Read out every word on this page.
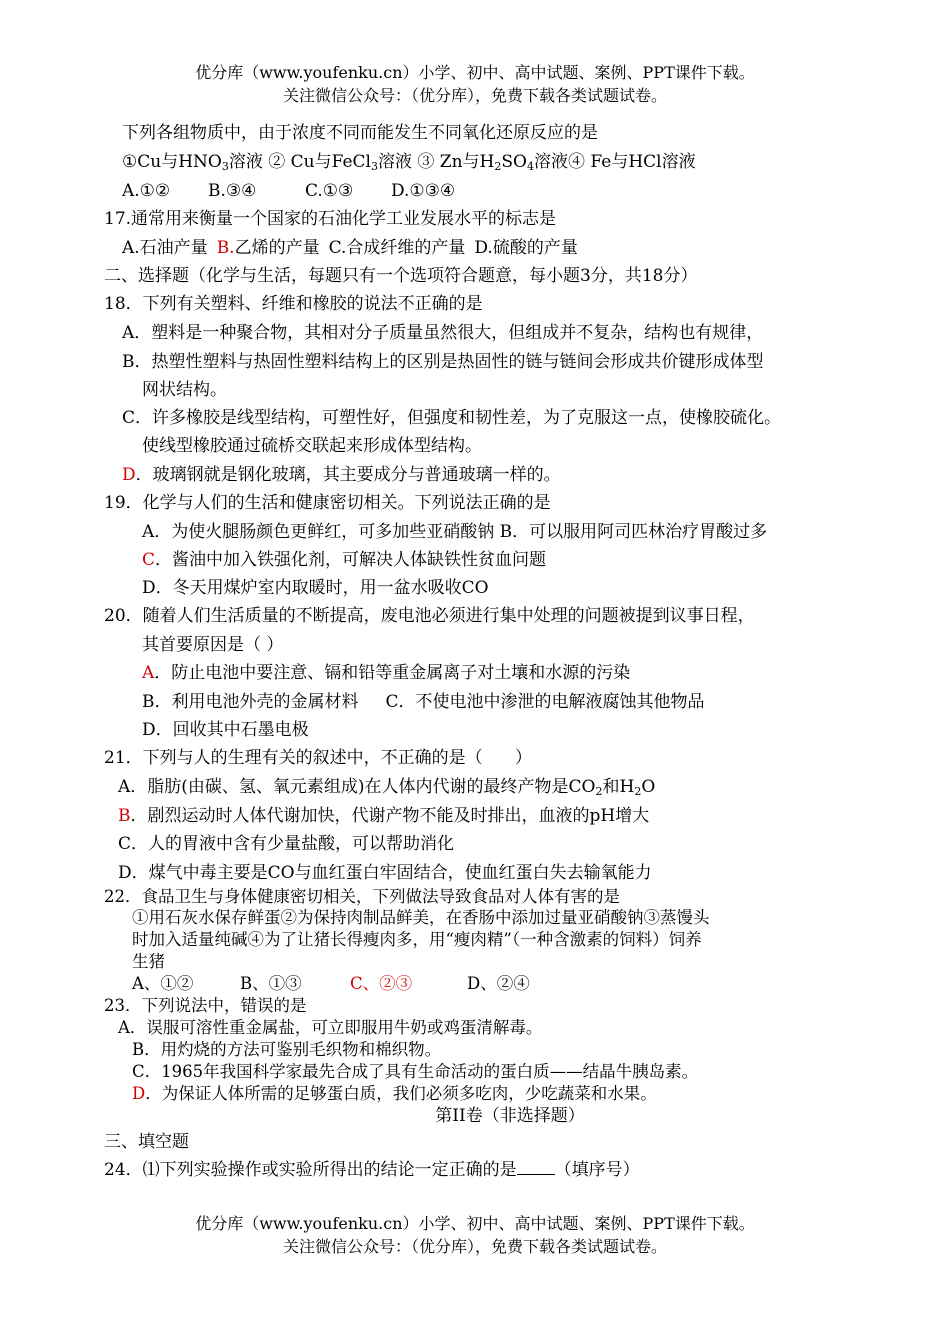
优分库（www.youfenku.cn）小学、初中、高中试题、案例、PPT课件下载。
关注微信公众号：（优分库），免费下载各类试题试卷。
下列各组物质中，由于浓度不同而能发生不同氧化还原反应的是
①Cu与$HNO_3$溶液 ② Cu与FeCl$_3$溶液 ③ Zn与$H_2SO_4$溶液④ Fe与HCl溶液
A.①② B.③④	C.①③ D.①③④
17.通常用来衡量一个国家的石油化学工业发展水平的标志是
A.石油产量 B.乙烯的产量 C.合成纤维的产量 D.硫酸的产量
二、选择题（化学与生活，每题只有一个选项符合题意，每小题3分，共18分）
18．下列有关塑料、纤维和橡胶的说法不正确的是
A．塑料是一种聚合物，其相对分子质量虽然很大，但组成并不复杂，结构也有规律，
B．热塑性塑料与热固性塑料结构上的区别是热固性的链与链间会形成共价键形成体型
网状结构。
C．许多橡胶是线型结构，可塑性好，但强度和韧性差，为了克服这一点，使橡胶硫化。
使线型橡胶通过硫桥交联起来形成体型结构。
D．玻璃钢就是钢化玻璃，其主要成分与普通玻璃一样的。
19．化学与人们的生活和健康密切相关。下列说法正确的是
A．为使火腿肠颜色更鲜红，可多加些亚硝酸钠 B．可以服用阿司匹林治疗胃酸过多
C．酱油中加入铁强化剂，可解决人体缺铁性贫血问题
D．冬天用煤炉室内取暖时，用一盆水吸收CO
20．随着人们生活质量的不断提高，废电池必须进行集中处理的问题被提到议事日程，
其首要原因是（ ）
A．防止电池中要注意、镉和铅等重金属离子对土壤和水源的污染
B．利用电池外壳的金属材料     C．不使电池中渗泄的电解液腐蚀其他物品
D．回收其中石墨电极
21．下列与人的生理有关的叙述中，不正确的是（      ）
A．脂肪(由碳、氢、氧元素组成)在人体内代谢的最终产物是$CO_2$和$H_2O$
B．剧烈运动时人体代谢加快，代谢产物不能及时排出，血液的pH增大
C．人的胃液中含有少量盐酸，可以帮助消化
D．煤气中毒主要是CO与血红蛋白牢固结合，使血红蛋白失去输氧能力
22．食品卫生与身体健康密切相关，下列做法导致食品对人体有害的是
①用石灰水保存鲜蛋②为保持肉制品鲜美，在香肠中添加过量亚硝酸钠③蒸馒头
时加入适量纯碱④为了让猪长得瘦肉多，用“瘦肉精”（一种含激素的饲料）饲养
生猪
A、①②	B、①③	C、②③	D、②④
23．下列说法中，错误的是
A．误服可溶性重金属盐，可立即服用牛奶或鸡蛋清解毒。
B．用灼烧的方法可鉴别毛织物和棉织物。
C．1965年我国科学家最先合成了具有生命活动的蛋白质——结晶牛胰岛素。
D．为保证人体所需的足够蛋白质，我们必须多吃肉，少吃蔬菜和水果。
第II卷（非选择题）
三、填空题
24．⑴下列实验操作或实验所得出的结论一定正确的是 （填序号）
优分库（www.youfenku.cn）小学、初中、高中试题、案例、PPT课件下载。
关注微信公众号：（优分库），免费下载各类试题试卷。
